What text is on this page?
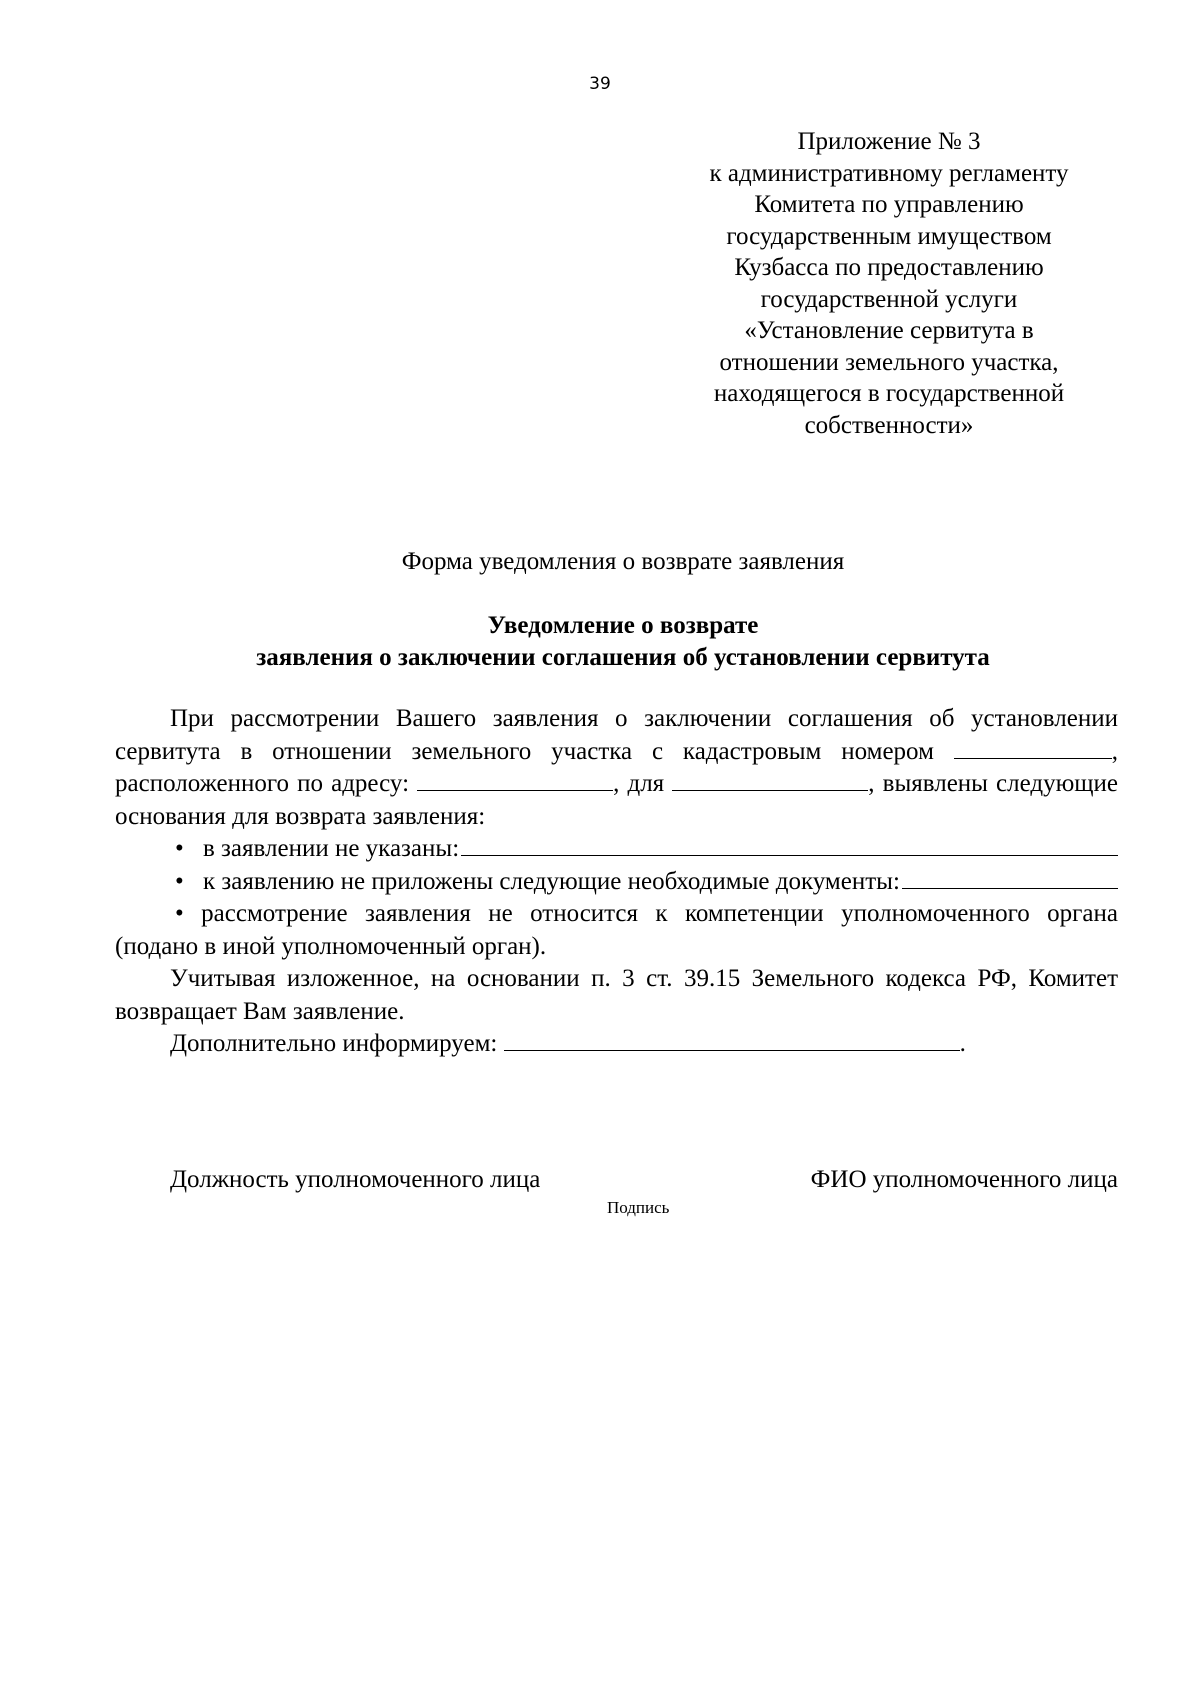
39
Приложение № 3
к административному регламенту
Комитета по управлению
государственным имуществом
Кузбасса по предоставлению
государственной услуги
«Установление сервитута в
отношении земельного участка,
находящегося в государственной
собственности»
Форма уведомления о возврате заявления
Уведомление о возврате
заявления о заключении соглашения об установлении сервитута
При рассмотрении Вашего заявления о заключении соглашения об установлении сервитута в отношении земельного участка с кадастровым номером	, расположенного по адресу:	, для	, выявлены следующие основания для возврата заявления:
• в заявлении не указаны:
• к заявлению не приложены следующие необходимые документы:
• рассмотрение заявления не относится к компетенции уполномоченного органа (подано в иной уполномоченный орган).
Учитывая изложенное, на основании п. 3 ст. 39.15 Земельного кодекса РФ, Комитет возвращает Вам заявление.
Дополнительно информируем:	.
Должность уполномоченного лица	ФИО уполномоченного лица
Подпись
